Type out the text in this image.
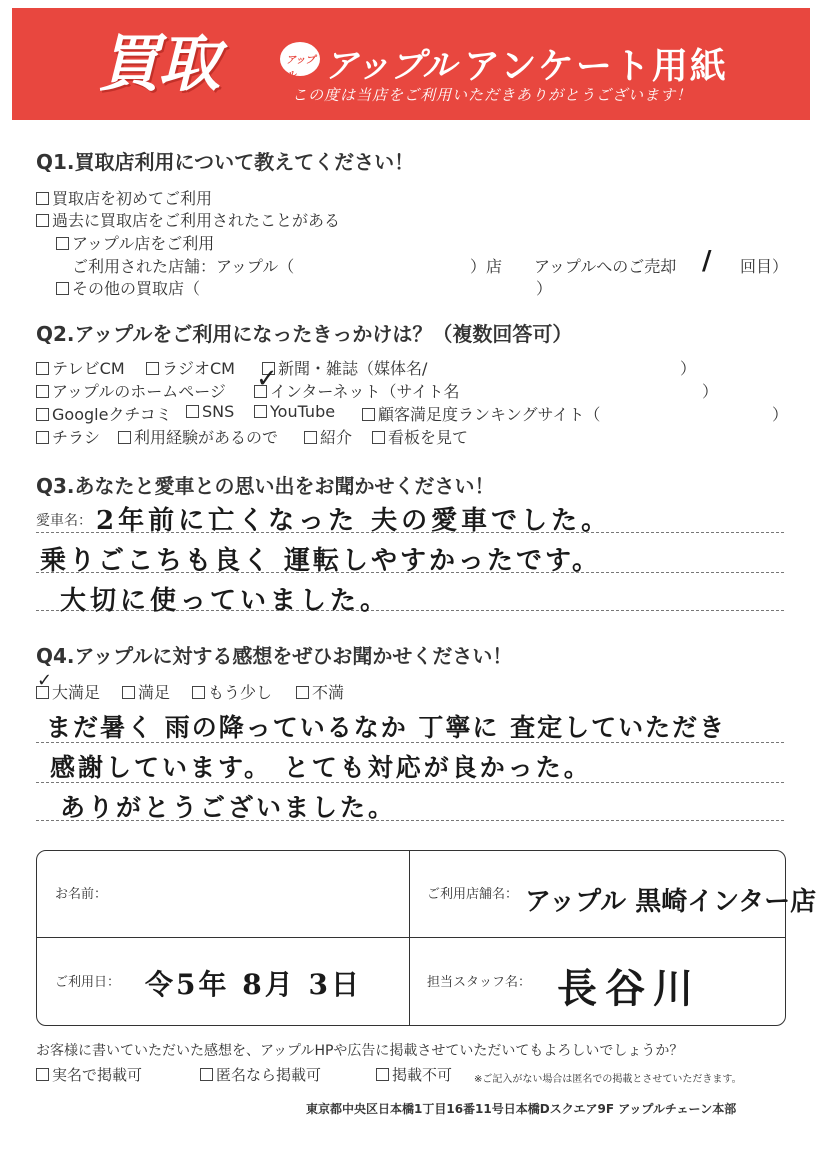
買取	アップル アップル アンケート用紙
この度は当店をご利用いただきありがとうございます！
Q1.買取店利用について教えてください！
買取店を初めてご利用
過去に買取店をご利用されたことがある
アップル店をご利用
ご利用された店舗：アップル（	）店 アップルへのご売却 / 回目）
その他の買取店（	）
Q2.アップルをご利用になったきっかけは？（複数回答可）
テレビCM	ラジオCM	新聞・雑誌（媒体名/	）
アップルのホームページ	インターネット（サイト名
✓	）
Googleクチコミ	SNS	YouTube	顧客満足度ランキングサイト（	）
チラシ	利用経験があるので	紹介	看板を見て
Q3.あなたと愛車との思い出をお聞かせください！
愛車名： 2年前に亡くなった 夫の愛車でした。
乗りごこちも良く 運転しやすかったです。
大切に使っていました。
Q4.アップルに対する感想をぜひお聞かせください！
大満足
✓
満足	もう少し	不満
まだ暑く 雨の降っているなか 丁寧に 査定していただき
感謝しています。 とても対応が良かった。
ありがとうございました。
お名前：	ご利用店舗名： アップル 黒崎インター店
ご利用日： 令5年 8月 3日	担当スタッフ名： 長谷川
お客様に書いていただいた感想を、アップルHPや広告に掲載させていただいてもよろしいでしょうか？
実名で掲載可	匿名なら掲載可	掲載不可 ※ご記入がない場合は匿名での掲載とさせていただきます。
東京都中央区日本橋1丁目16番11号日本橋Dスクエア9F アップルチェーン本部
